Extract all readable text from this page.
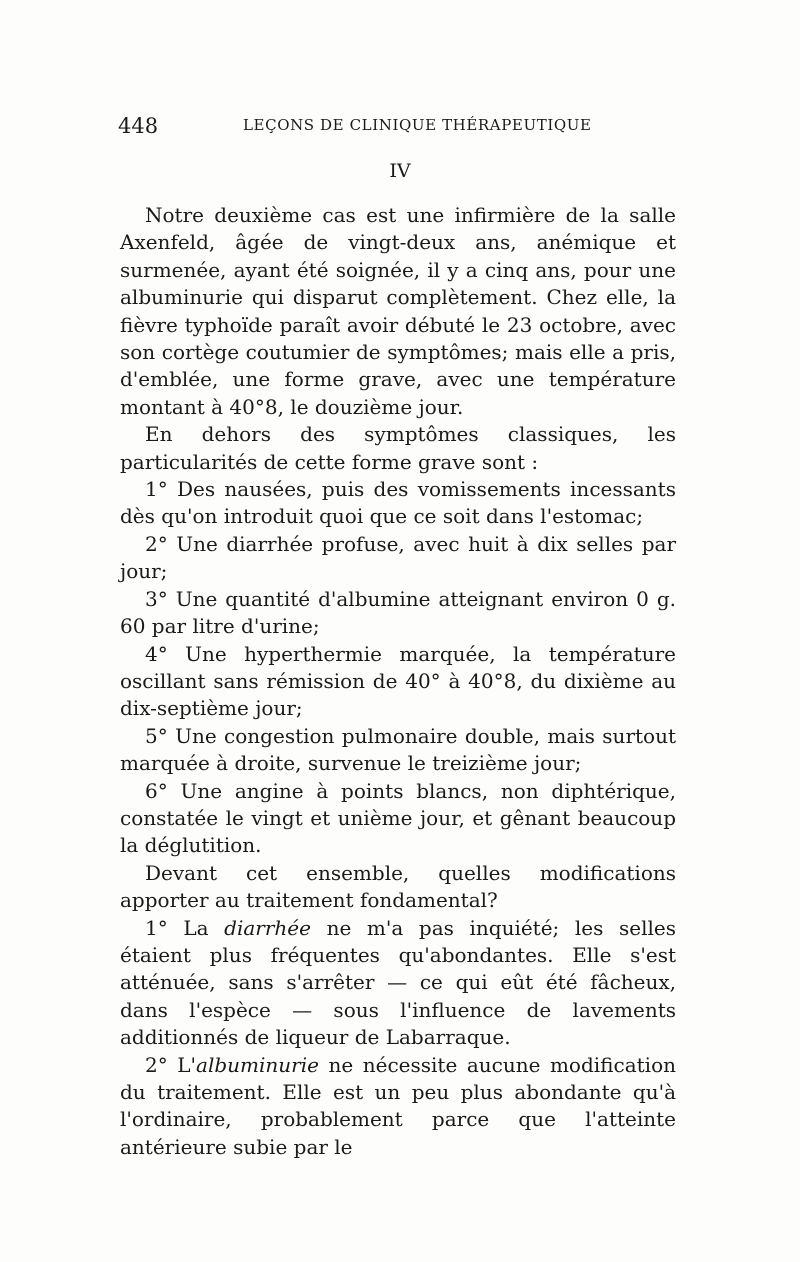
448	LEÇONS DE CLINIQUE THÉRAPEUTIQUE
IV

Notre deuxième cas est une infirmière de la salle Axenfeld, âgée de vingt-deux ans, anémique et surmenée, ayant été soignée, il y a cinq ans, pour une albuminurie qui disparut complètement. Chez elle, la fièvre typhoïde paraît avoir débuté le 23 octobre, avec son cortège coutumier de symptômes; mais elle a pris, d'emblée, une forme grave, avec une température montant à 40°8, le douzième jour.

En dehors des symptômes classiques, les particularités de cette forme grave sont :

1° Des nausées, puis des vomissements incessants dès qu'on introduit quoi que ce soit dans l'estomac;

2° Une diarrhée profuse, avec huit à dix selles par jour;

3° Une quantité d'albumine atteignant environ 0 g. 60 par litre d'urine;

4° Une hyperthermie marquée, la température oscillant sans rémission de 40° à 40°8, du dixième au dix-septième jour;

5° Une congestion pulmonaire double, mais surtout marquée à droite, survenue le treizième jour;

6° Une angine à points blancs, non diphtérique, constatée le vingt et unième jour, et gênant beaucoup la déglutition.

Devant cet ensemble, quelles modifications apporter au traitement fondamental?

1° La diarrhée ne m'a pas inquiété; les selles étaient plus fréquentes qu'abondantes. Elle s'est atténuée, sans s'arrêter — ce qui eût été fâcheux, dans l'espèce — sous l'influence de lavements additionnés de liqueur de Labarraque.

2° L'albuminurie ne nécessite aucune modification du traitement. Elle est un peu plus abondante qu'à l'ordinaire, probablement parce que l'atteinte antérieure subie par le
